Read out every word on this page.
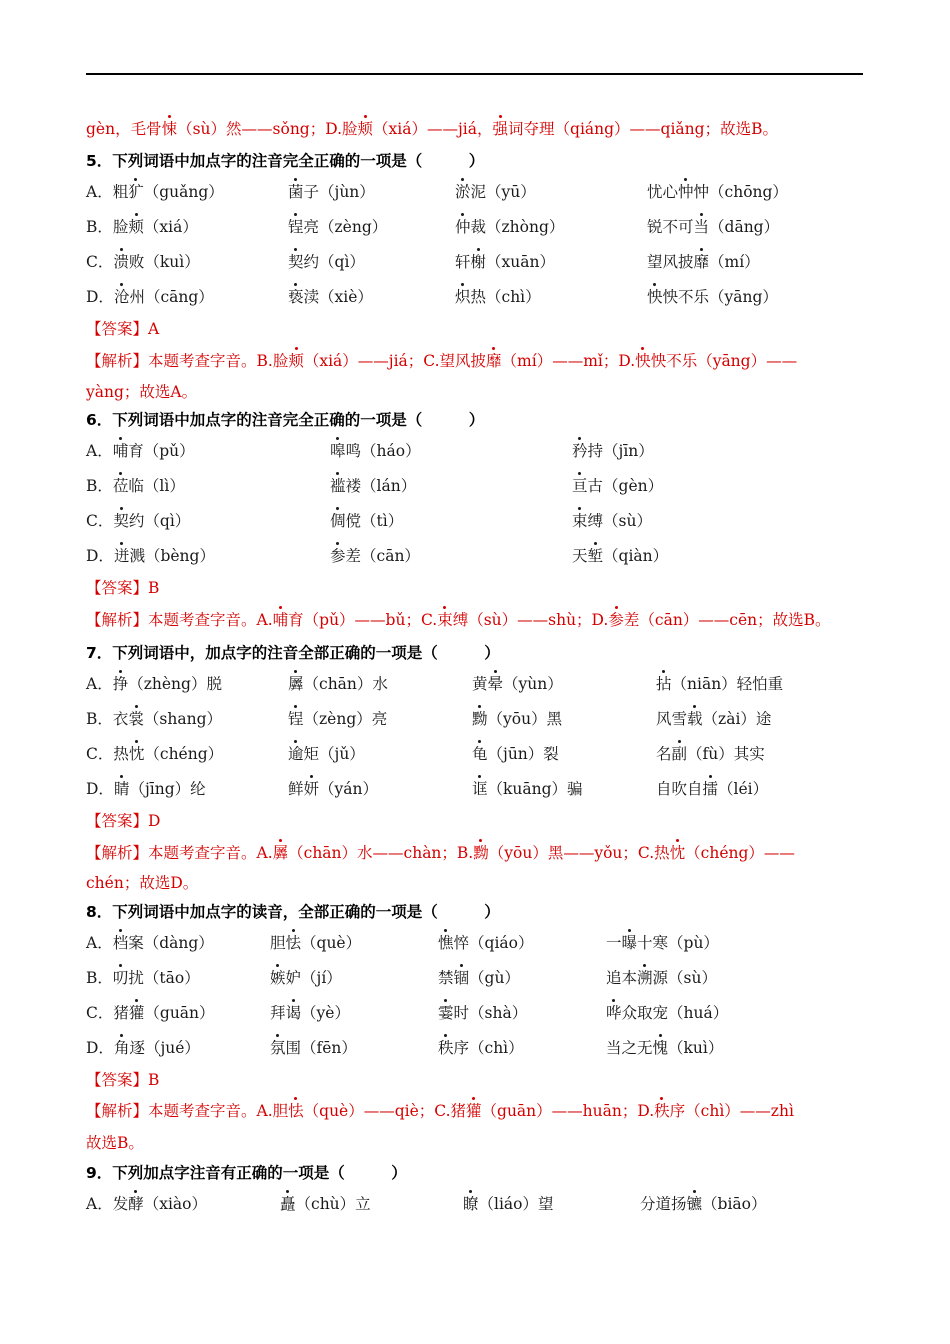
gèn，毛骨悚（sù）然——sǒng；D.脸颊（xiá）——jiá，强词夺理（qiáng）——qiǎng；故选B。
5．下列词语中加点字的注音完全正确的一项是（　　　）
A．粗犷（guǎng）	菌子（jùn）	淤泥（yū）	忧心忡忡（chōng）
B．脸颊（xiá）	锃亮（zèng）	仲裁（zhòng）	锐不可当（dāng）
C．溃败（kuì）	契约（qì）	轩榭（xuān）	望风披靡（mí）
D．沧州（cāng）	亵渎（xiè）	炽热（chì）	怏怏不乐（yāng）
【答案】A
【解析】本题考查字音。B.脸颊（xiá）——jiá；C.望风披靡（mí）——mǐ；D.怏怏不乐（yāng）——
yàng；故选A。
6．下列词语中加点字的注音完全正确的一项是（　　　）
A．哺育（pǔ）	嗥鸣（háo）	矜持（jīn）
B．莅临（lì）	褴褛（lán）	亘古（gèn）
C．契约（qì）	倜傥（tì）	束缚（sù）
D．迸溅（bèng）	参差（cān）	天堑（qiàn）
【答案】B
【解析】本题考查字音。A.哺育（pǔ）——bǔ；C.束缚（sù）——shù；D.参差（cān）——cēn；故选B。
7．下列词语中，加点字的注音全部正确的一项是（　　　）
A．挣（zhèng）脱	羼（chān）水	黄晕（yùn）	拈（niān）轻怕重
B．衣裳（shang）	锃（zèng）亮	黝（yōu）黑	风雪载（zài）途
C．热忱（chéng）	逾矩（jǔ）	龟（jūn）裂	名副（fù）其实
D．睛（jīng）纶	鲜妍（yán）	诓（kuāng）骗	自吹自擂（léi）
【答案】D
【解析】本题考查字音。A.羼（chān）水——chàn；B.黝（yōu）黑——yǒu；C.热忱（chéng）——
chén；故选D。
8．下列词语中加点字的读音，全部正确的一项是（　　　）
A．档案（dàng）	胆怯（què）	憔悴（qiáo）	一曝十寒（pù）
B．叨扰（tāo）	嫉妒（jí）	禁锢（gù）	追本溯源（sù）
C．猪獾（guān）	拜谒（yè）	霎时（shà）	哗众取宠（huá）
D．角逐（jué）	氛围（fēn）	秩序（chì）	当之无愧（kuì）
【答案】B
【解析】本题考查字音。A.胆怯（què）——qiè；C.猪獾（guān）——huān；D.秩序（chì）——zhì
故选B。
9．下列加点字注音有正确的一项是（　　　）
A．发酵（xiào）	矗（chù）立	瞭（liáo）望	分道扬镳（biāo）
